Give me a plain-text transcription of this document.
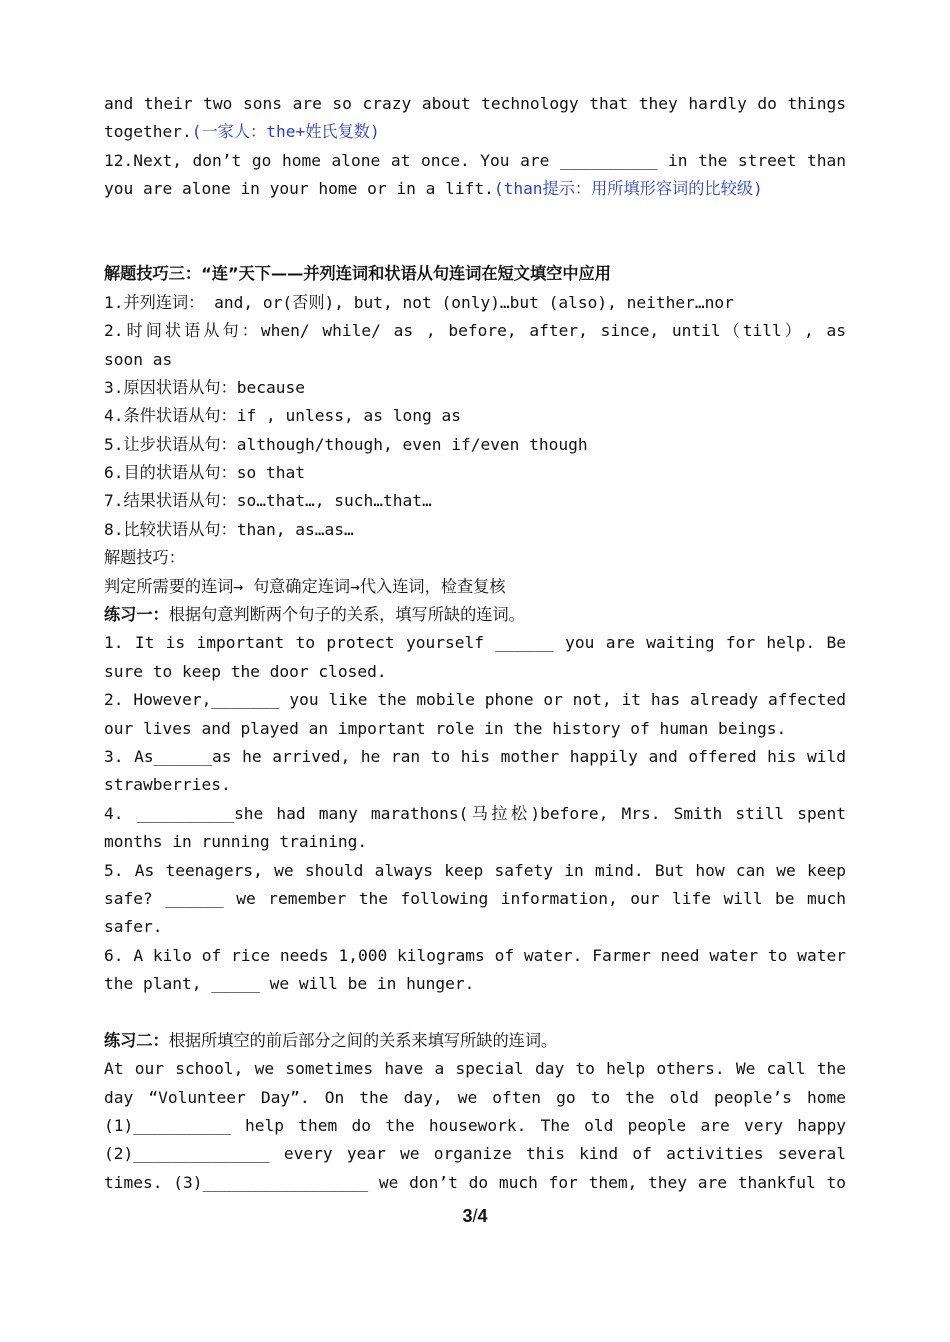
and their two sons are so crazy about technology that they hardly do things
together.(一家人：the+姓氏复数)
12.Next, don’t go home alone at once. You are __________ in the street than
you are alone in your home or in a lift.(than提示：用所填形容词的比较级)
解题技巧三：“连”天下——并列连词和状语从句连词在短文填空中应用
1.并列连词： and, or(否则), but, not (only)…but (also), neither…nor
2.时间状语从句：when/ while/ as , before, after, since, until（till）, as
soon as
3.原因状语从句：because
4.条件状语从句：if , unless, as long as
5.让步状语从句：although/though, even if/even though
6.目的状语从句：so that
7.结果状语从句：so…that…, such…that…
8.比较状语从句：than, as…as…
解题技巧：
判定所需要的连词→ 句意确定连词→代入连词，检查复核
练习一：根据句意判断两个句子的关系，填写所缺的连词。
1. It is important to protect yourself ______ you are waiting for help. Be
sure to keep the door closed.
2. However,_______ you like the mobile phone or not, it has already affected
our lives and played an important role in the history of human beings.
3. As______as he arrived, he ran to his mother happily and offered his wild
strawberries.
4. __________she had many marathons(马拉松)before, Mrs. Smith still spent
months in running training.
5. As teenagers, we should always keep safety in mind. But how can we keep
safe? ______ we remember the following information, our life will be much
safer.
6. A kilo of rice needs 1,000 kilograms of water. Farmer need water to water
the plant, _____ we will be in hunger.
练习二：根据所填空的前后部分之间的关系来填写所缺的连词。
At our school, we sometimes have a special day to help others. We call the
day “Volunteer Day”. On the day, we often go to the old people’s home
(1)__________ help them do the housework. The old people are very happy
(2)______________ every year we organize this kind of activities several
times. (3)_________________ we don’t do much for them, they are thankful to
3/4
